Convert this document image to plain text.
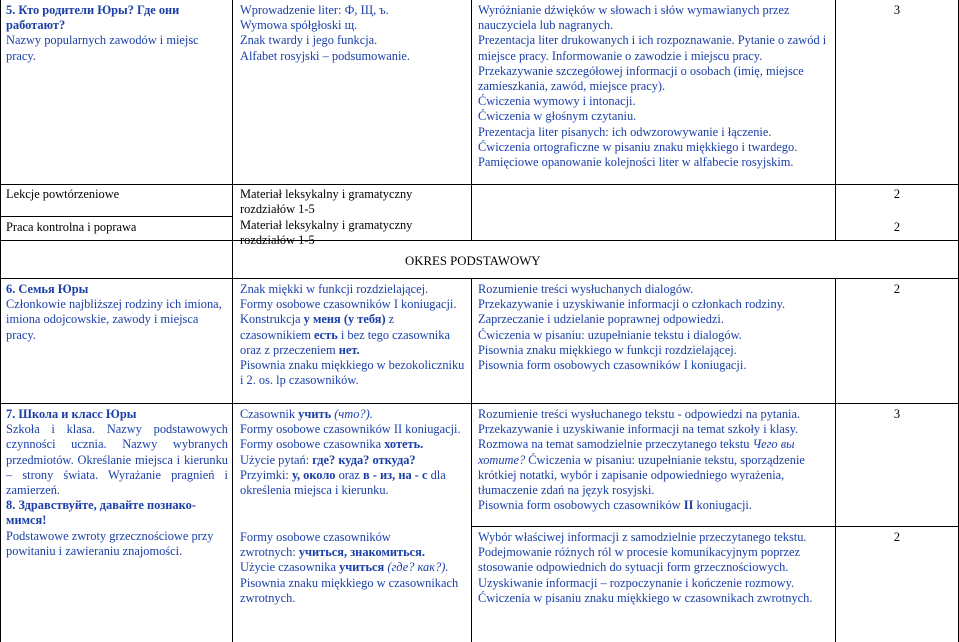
5. Кто родители Юры? Где они работают?
Nazwy popularnych zawodów i miejsc pracy.
Wprowadzenie liter: Ф, Щ, ъ.
Wymowa spółgłoski щ.
Znak twardy i jego funkcja.
Alfabet rosyjski – podsumowanie.
Wyróżnianie dźwięków w słowach i słów wymawianych przez nauczyciela lub nagranych.
Prezentacja liter drukowanych i ich rozpoznawanie. Pytanie o zawód i miejsce pracy. Informowanie o zawodzie i miejscu pracy.
Przekazywanie szczegółowej informacji o osobach (imię, miejsce zamieszkania, zawód, miejsce pracy).
Ćwiczenia wymowy i intonacji.
Ćwiczenia w głośnym czytaniu.
Prezentacja liter pisanych: ich odwzorowywanie i łączenie.
Ćwiczenia ortograficzne w pisaniu znaku miękkiego i twardego.
Pamięciowe opanowanie kolejności liter w alfabecie rosyjskim.
3
Lekcje powtórzeniowe	Materiał leksykalny i gramatyczny rozdziałów 1-5
2
Praca kontrolna i poprawa	Materiał leksykalny i gramatyczny rozdziałów 1-5
2
OKRES PODSTAWOWY
6. Семья Юры
Członkowie najbliższej rodziny ich imiona, imiona odojcowskie, zawody i miejsca pracy.
Znak miękki w funkcji rozdzielającej.
Formy osobowe czasowników I koniugacji. Konstrukcja у меня (у тебя) z czasownikiem есть i bez tego czasownika oraz z przeczeniem нет.
Pisownia znaku miękkiego w bezokoliczniku i 2. os. lp czasowników.
Rozumienie treści wysłuchanych dialogów.
Przekazywanie i uzyskiwanie informacji o członkach rodziny.
Zaprzeczanie i udzielanie poprawnej odpowiedzi.
Ćwiczenia w pisaniu: uzupełnianie tekstu i dialogów.
Pisownia znaku miękkiego w funkcji rozdzielającej.
Pisownia form osobowych czasowników I koniugacji.
2
7. Школа и класс Юры
Szkoła i klasa. Nazwy podstawowych czynności ucznia. Nazwy wybranych przedmiotów. Określanie miejsca i kierunku – strony świata. Wyrażanie pragnień i zamierzeń.
8. Здравствуйте, давайте познако-мимся!
Podstawowe zwroty grzecznościowe przy powitaniu i zawieraniu znajomości.
Czasownik учить (что?).
Formy osobowe czasowników II koniugacji.
Formy osobowe czasownika хотеть.
Użycie pytań: где? куда? откуда?
Przyimki: у, около oraz в - из, на - с dla określenia miejsca i kierunku.
Rozumienie treści wysłuchanego tekstu - odpowiedzi na pytania.
Przekazywanie i uzyskiwanie informacji na temat szkoły i klasy.
Rozmowa na temat samodzielnie przeczytanego tekstu Чего вы хотите? Ćwiczenia w pisaniu: uzupełnianie tekstu, sporządzenie krótkiej notatki, wybór i zapisanie odpowiedniego wyrażenia, tłumaczenie zdań na język rosyjski.
Pisownia form osobowych czasowników II koniugacji.
3
Formy osobowe czasowników
zwrotnych: учиться, знакомиться.
Użycie czasownika учиться (где? как?).
Pisownia znaku miękkiego w czasownikach zwrotnych.
Wybór właściwej informacji z samodzielnie przeczytanego tekstu.
Podejmowanie różnych ról w procesie komunikacyjnym poprzez stosowanie odpowiednich do sytuacji form grzecznościowych.
Uzyskiwanie informacji – rozpoczynanie i kończenie rozmowy.
Ćwiczenia w pisaniu znaku miękkiego w czasownikach zwrotnych.
2
